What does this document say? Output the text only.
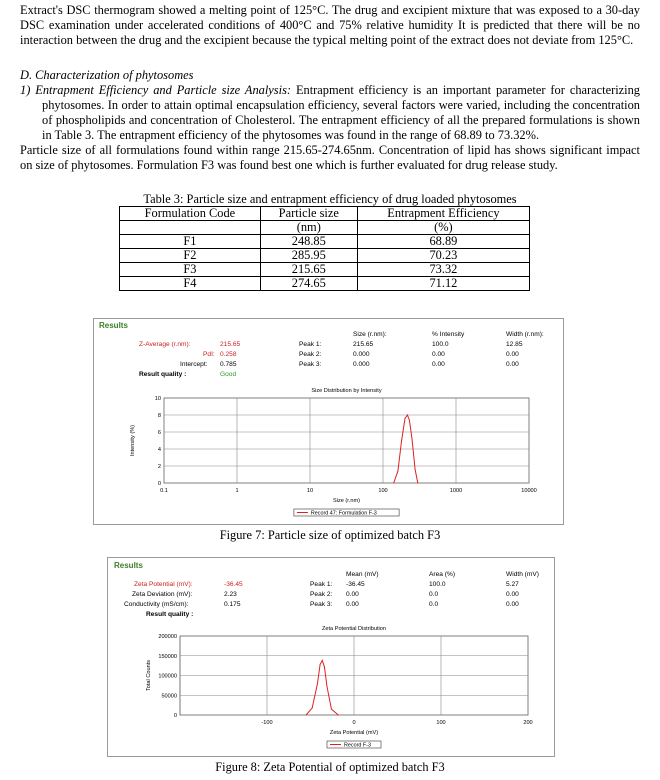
Extract's DSC thermogram showed a melting point of 125°C. The drug and excipient mixture that was exposed to a 30-day DSC examination under accelerated conditions of 400°C and 75% relative humidity It is predicted that there will be no interaction between the drug and the excipient because the typical melting point of the extract does not deviate from 125°C.

D. Characterization of phytosomes

1) Entrapment Efficiency and Particle size Analysis: Entrapment efficiency is an important parameter for characterizing phytosomes. In order to attain optimal encapsulation efficiency, several factors were varied, including the concentration of phospholipids and concentration of Cholesterol. The entrapment efficiency of all the prepared formulations is shown in Table 3. The entrapment efficiency of the phytosomes was found in the range of 68.89 to 73.32%.

Particle size of all formulations found within range 215.65-274.65nm. Concentration of lipid has shows significant impact on size of phytosomes. Formulation F3 was found best one which is further evaluated for drug release study.

Table 3: Particle size and entrapment efficiency of drug loaded phytosomes
Formulation Code	Particle size	Entrapment Efficiency
	(nm)	(%)
F1	248.85	68.89
F2	285.95	70.23
F3	215.65	73.32
F4	274.65	71.12
Results
Z-Average (r.nm):	215.65
PdI: 0.258
Intercept: 0.785
Result quality :	Good
Size (r.nm):	% Intensity	Width (r.nm):
Peak 1:	215.65	100.0	12.85
Peak 2:	0.000	0.00	0.00
Peak 3:	0.000	0.00	0.00
Size Distribution by Intensity
0.1	1	10	100	1000	10000
0
2
4
6
8
10
Size (r.nm)
Intensity (%)
Record 47: Formulation F-3
Figure 7: Particle size of optimized batch F3
Results
Zeta Potential (mV):	-36.45
Zeta Deviation (mV):	2.23
Conductivity (mS/cm):	0.175
Result quality :
Mean (mV)	Area (%)	Width (mV)
Peak 1: -36.45	100.0	5.27
Peak 2: 0.00	0.0	0.00
Peak 3: 0.00	0.0	0.00
Zeta Potential Distribution
-100	0	100	200
0
50000
100000
150000
200000
Zeta Potential (mV)
Total Counts
Record F-3
Figure 8: Zeta Potential of optimized batch F3
